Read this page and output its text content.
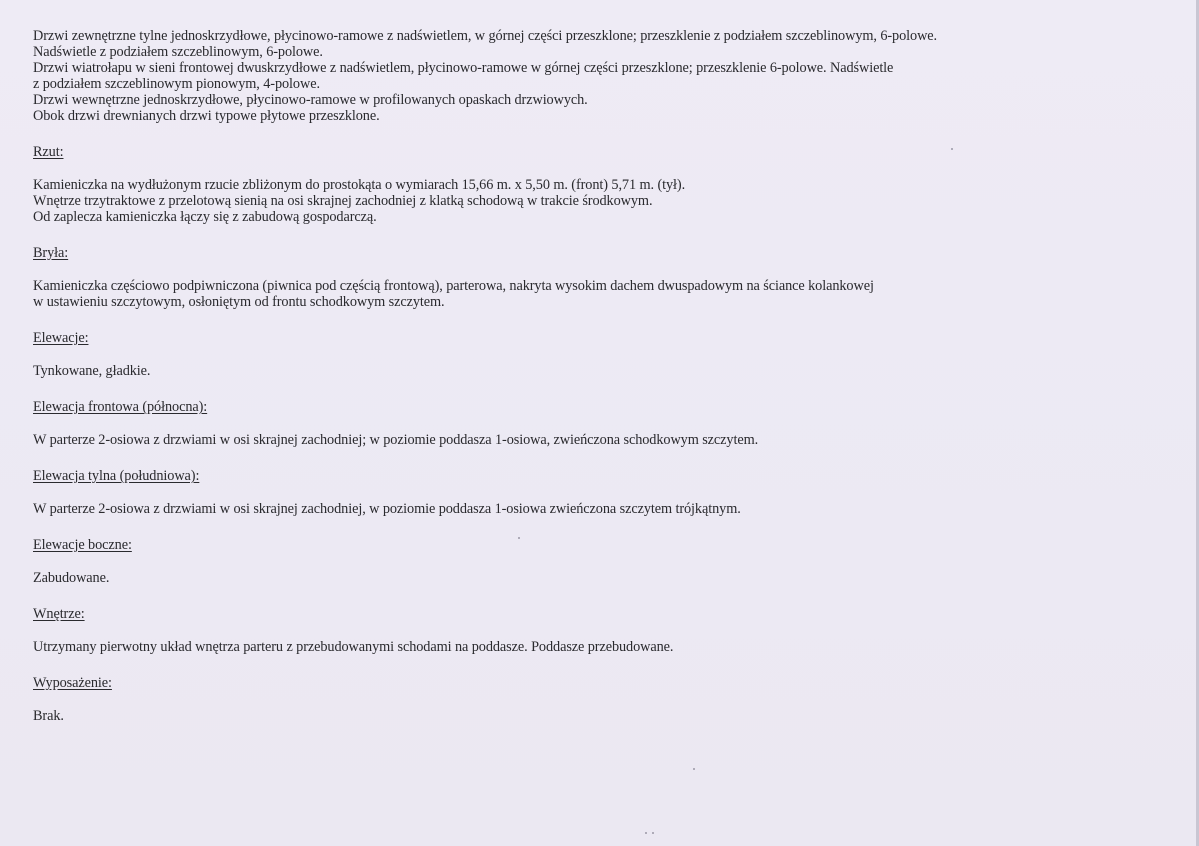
Drzwi zewnętrzne tylne jednoskrzydłowe, płycinowo-ramowe z nadświetlem, w górnej części przeszklone; przeszklenie z podziałem szczeblinowym, 6-polowe.
Nadświetle z podziałem szczeblinowym, 6-polowe.
Drzwi wiatrołapu w sieni frontowej dwuskrzydłowe z nadświetlem, płycinowo-ramowe w górnej części przeszklone; przeszklenie 6-polowe. Nadświetle
z podziałem szczeblinowym pionowym, 4-polowe.
Drzwi wewnętrzne jednoskrzydłowe, płycinowo-ramowe w profilowanych opaskach drzwiowych.
Obok drzwi drewnianych drzwi typowe płytowe przeszklone.
Rzut:
Kamieniczka na wydłużonym rzucie zbliżonym do prostokąta o wymiarach 15,66 m. x 5,50 m. (front) 5,71 m. (tył).
Wnętrze trzytraktowe z przelotową sienią na osi skrajnej zachodniej z klatką schodową w trakcie środkowym.
Od zaplecza kamieniczka łączy się z zabudową gospodarczą.
Bryła:
Kamieniczka częściowo podpiwniczona (piwnica pod częścią frontową), parterowa, nakryta wysokim dachem dwuspadowym na ściance kolankowej
w ustawieniu szczytowym, osłoniętym od frontu schodkowym szczytem.
Elewacje:
Tynkowane, gładkie.
Elewacja frontowa (północna):
W parterze 2-osiowa z drzwiami w osi skrajnej zachodniej; w poziomie poddasza 1-osiowa, zwieńczona schodkowym szczytem.
Elewacja tylna (południowa):
W parterze 2-osiowa z drzwiami w osi skrajnej zachodniej, w poziomie poddasza 1-osiowa zwieńczona szczytem trójkątnym.
Elewacje boczne:
Zabudowane.
Wnętrze:
Utrzymany pierwotny układ wnętrza parteru z przebudowanymi schodami na poddasze. Poddasze przebudowane.
Wyposażenie:
Brak.
